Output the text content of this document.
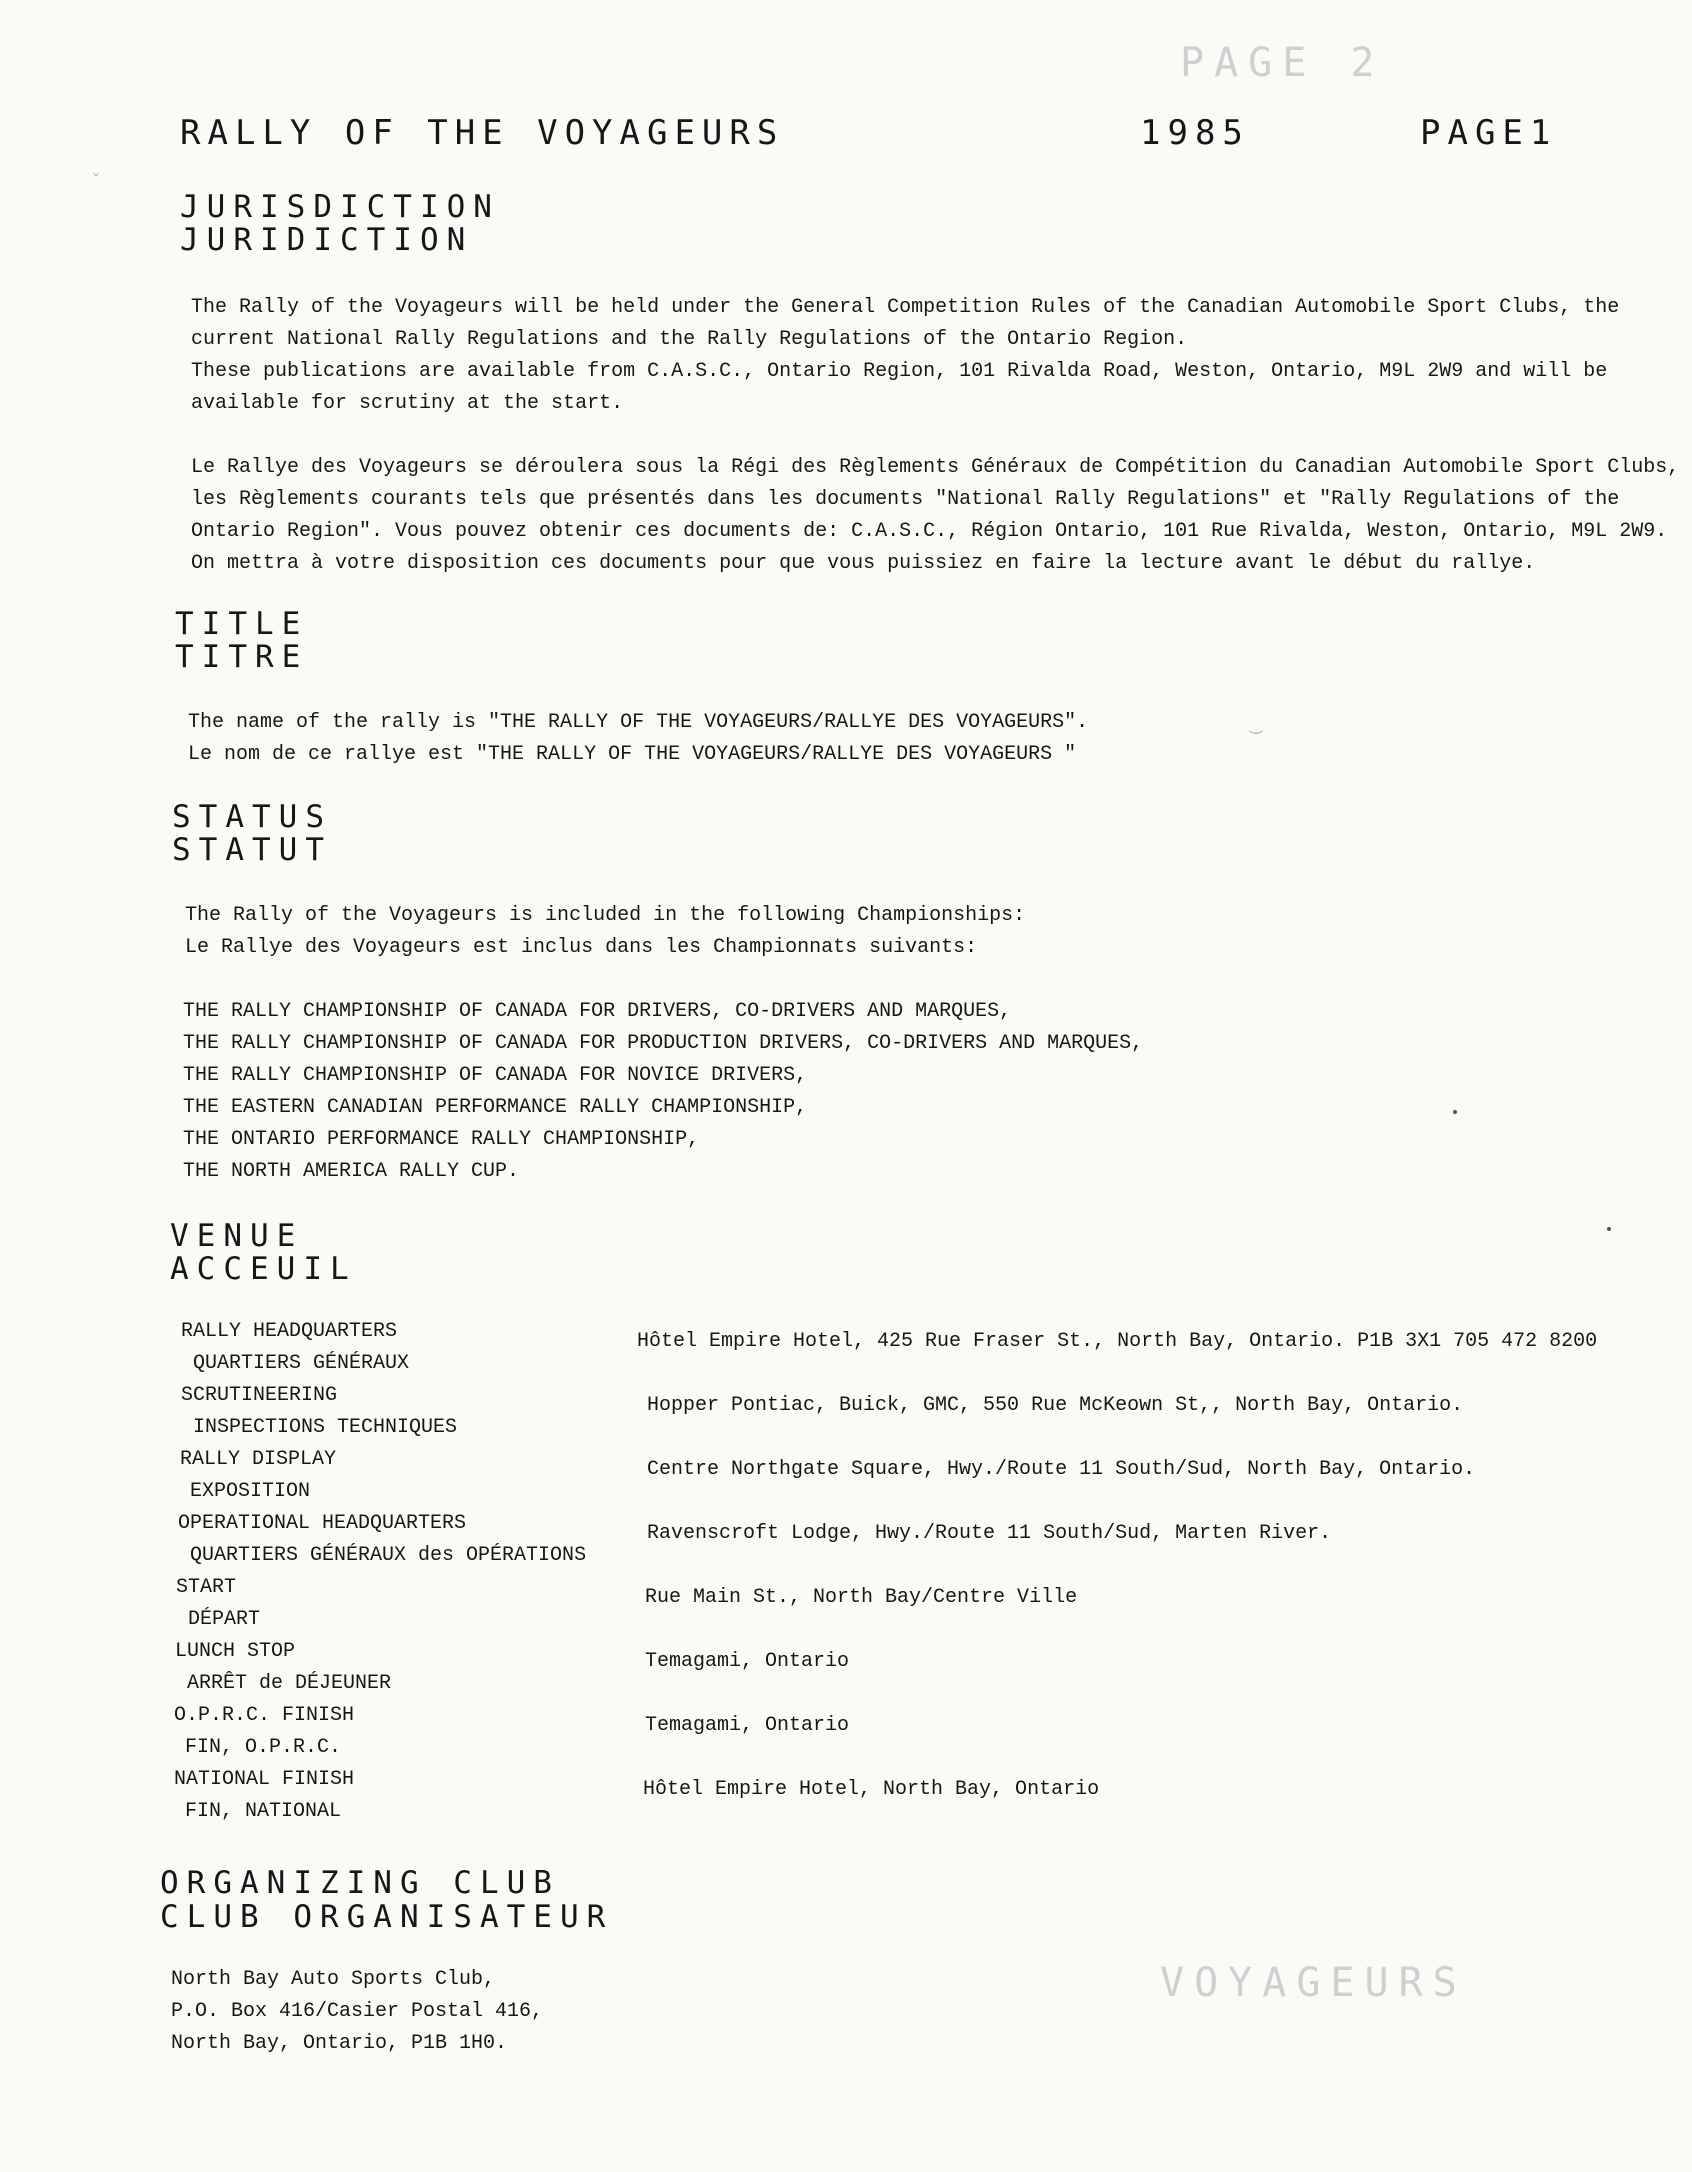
PAGE 2
VOYAGEURS
RALLY OF THE VOYAGEURS	1985	PAGE1
JURISDICTION
JURIDICTION
The Rally of the Voyageurs will be held under the General Competition Rules of the Canadian Automobile Sport Clubs, the
current National Rally Regulations and the Rally Regulations of the Ontario Region.
These publications are available from C.A.S.C., Ontario Region, 101 Rivalda Road, Weston, Ontario, M9L 2W9 and will be
available for scrutiny at the start.
Le Rallye des Voyageurs se déroulera sous la Régi des Règlements Généraux de Compétition du Canadian Automobile Sport Clubs,
les Règlements courants tels que présentés dans les documents "National Rally Regulations" et "Rally Regulations of the
Ontario Region". Vous pouvez obtenir ces documents de: C.A.S.C., Région Ontario, 101 Rue Rivalda, Weston, Ontario, M9L 2W9.
On mettra à votre disposition ces documents pour que vous puissiez en faire la lecture avant le début du rallye.
TITLE
TITRE
The name of the rally is "THE RALLY OF THE VOYAGEURS/RALLYE DES VOYAGEURS".
Le nom de ce rallye est "THE RALLY OF THE VOYAGEURS/RALLYE DES VOYAGEURS "
STATUS
STATUT
The Rally of the Voyageurs is included in the following Championships:
Le Rallye des Voyageurs est inclus dans les Championnats suivants:
THE RALLY CHAMPIONSHIP OF CANADA FOR DRIVERS, CO-DRIVERS AND MARQUES,
THE RALLY CHAMPIONSHIP OF CANADA FOR PRODUCTION DRIVERS, CO-DRIVERS AND MARQUES,
THE RALLY CHAMPIONSHIP OF CANADA FOR NOVICE DRIVERS,
THE EASTERN CANADIAN PERFORMANCE RALLY CHAMPIONSHIP,
THE ONTARIO PERFORMANCE RALLY CHAMPIONSHIP,
THE NORTH AMERICA RALLY CUP.
VENUE
ACCEUIL
RALLY HEADQUARTERS
QUARTIERS GÉNÉRAUX
Hôtel Empire Hotel, 425 Rue Fraser St., North Bay, Ontario. P1B 3X1 705 472 8200
SCRUTINEERING
INSPECTIONS TECHNIQUES
Hopper Pontiac, Buick, GMC, 550 Rue McKeown St,, North Bay, Ontario.
RALLY DISPLAY
EXPOSITION
Centre Northgate Square, Hwy./Route 11 South/Sud, North Bay, Ontario.
OPERATIONAL HEADQUARTERS
QUARTIERS GÉNÉRAUX des OPÉRATIONS
Ravenscroft Lodge, Hwy./Route 11 South/Sud, Marten River.
START
DÉPART
Rue Main St., North Bay/Centre Ville
LUNCH STOP
ARRÊT de DÉJEUNER
Temagami, Ontario
O.P.R.C. FINISH
FIN, O.P.R.C.
Temagami, Ontario
NATIONAL FINISH
FIN, NATIONAL
Hôtel Empire Hotel, North Bay, Ontario
ORGANIZING CLUB
CLUB ORGANISATEUR
North Bay Auto Sports Club,
P.O. Box 416/Casier Postal 416,
North Bay, Ontario, P1B 1H0.
ˇ
‿
